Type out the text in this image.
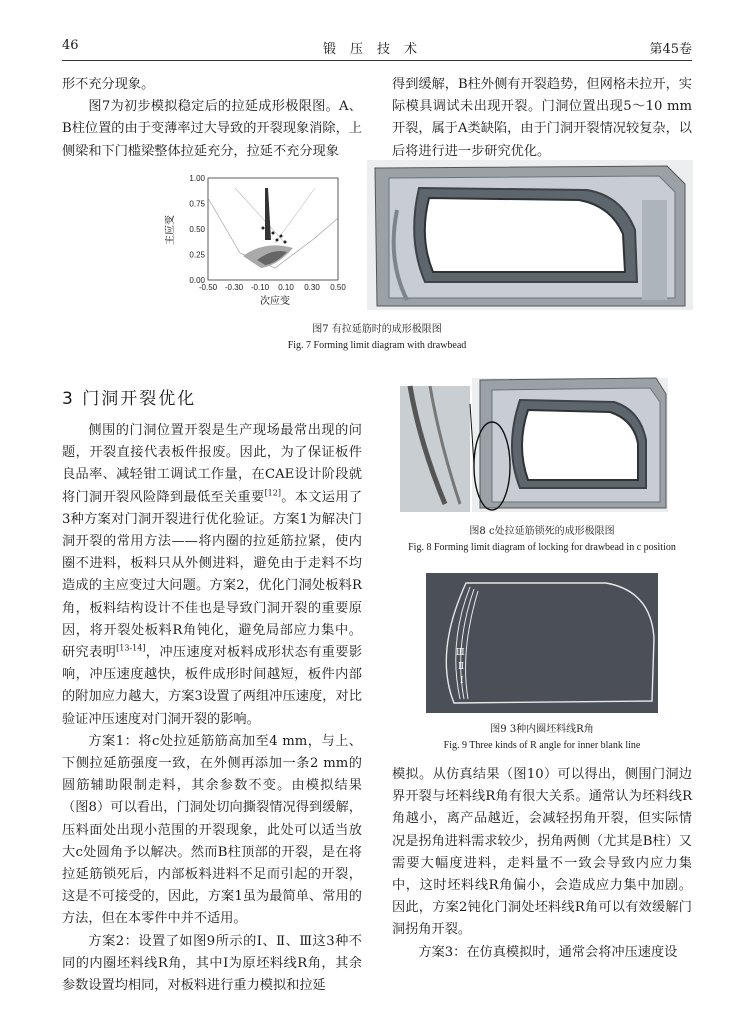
46	锻压技术	第45卷

形不充分现象。

图7为初步模拟稳定后的拉延成形极限图。A、B柱位置的由于变薄率过大导致的开裂现象消除，上侧梁和下门槛梁整体拉延充分，拉延不充分现象

得到缓解，B柱外侧有开裂趋势，但网格未拉开，实际模具调试未出现开裂。门洞位置出现5～10 mm开裂，属于A类缺陷，由于门洞开裂情况较复杂，以后将进行进一步研究优化。

-0.50 -0.30 -0.10 0.10 0.30 0.50
0.00
0.25
0.50
0.75
1.00
次应变
主应变
图7 有拉延筋时的成形极限图
Fig. 7 Forming limit diagram with drawbead
3 门洞开裂优化

侧围的门洞位置开裂是生产现场最常出现的问题，开裂直接代表板件报废。因此，为了保证板件良品率、减轻钳工调试工作量，在CAE设计阶段就将门洞开裂风险降到最低至关重要[12]。本文运用了3种方案对门洞开裂进行优化验证。方案1为解决门洞开裂的常用方法——将内圈的拉延筋拉紧，使内圈不进料，板料只从外侧进料，避免由于走料不均造成的主应变过大问题。方案2，优化门洞处板料R角，板料结构设计不佳也是导致门洞开裂的重要原因，将开裂处板料R角钝化，避免局部应力集中。研究表明[13-14]，冲压速度对板料成形状态有重要影响，冲压速度越快，板件成形时间越短，板件内部的附加应力越大，方案3设置了两组冲压速度，对比验证冲压速度对门洞开裂的影响。

方案1：将c处拉延筋筋高加至4 mm，与上、下侧拉延筋强度一致，在外侧再添加一条2 mm的圆筋辅助限制走料，其余参数不变。由模拟结果（图8）可以看出，门洞处切向撕裂情况得到缓解，压料面处出现小范围的开裂现象，此处可以适当放大c处圆角予以解决。然而B柱顶部的开裂，是在将拉延筋锁死后，内部板料进料不足而引起的开裂，这是不可接受的，因此，方案1虽为最简单、常用的方法，但在本零件中并不适用。

方案2：设置了如图9所示的Ⅰ、Ⅱ、Ⅲ这3种不同的内圈坯料线R角，其中Ⅰ为原坯料线R角，其余参数设置均相同，对板料进行重力模拟和拉延

图8 c处拉延筋锁死的成形极限图
Fig. 8 Forming limit diagram of locking for drawbead in c position
Ⅲ
Ⅱ
Ⅰ
图9 3种内圈坯料线R角
Fig. 9 Three kinds of R angle for inner blank line

模拟。从仿真结果（图10）可以得出，侧围门洞边界开裂与坯料线R角有很大关系。通常认为坯料线R角越小，离产品越近，会减轻拐角开裂，但实际情况是拐角进料需求较少，拐角两侧（尤其是B柱）又需要大幅度进料，走料量不一致会导致内应力集中，这时坯料线R角偏小，会造成应力集中加剧。因此，方案2钝化门洞处坯料线R角可以有效缓解门洞拐角开裂。

方案3：在仿真模拟时，通常会将冲压速度设
